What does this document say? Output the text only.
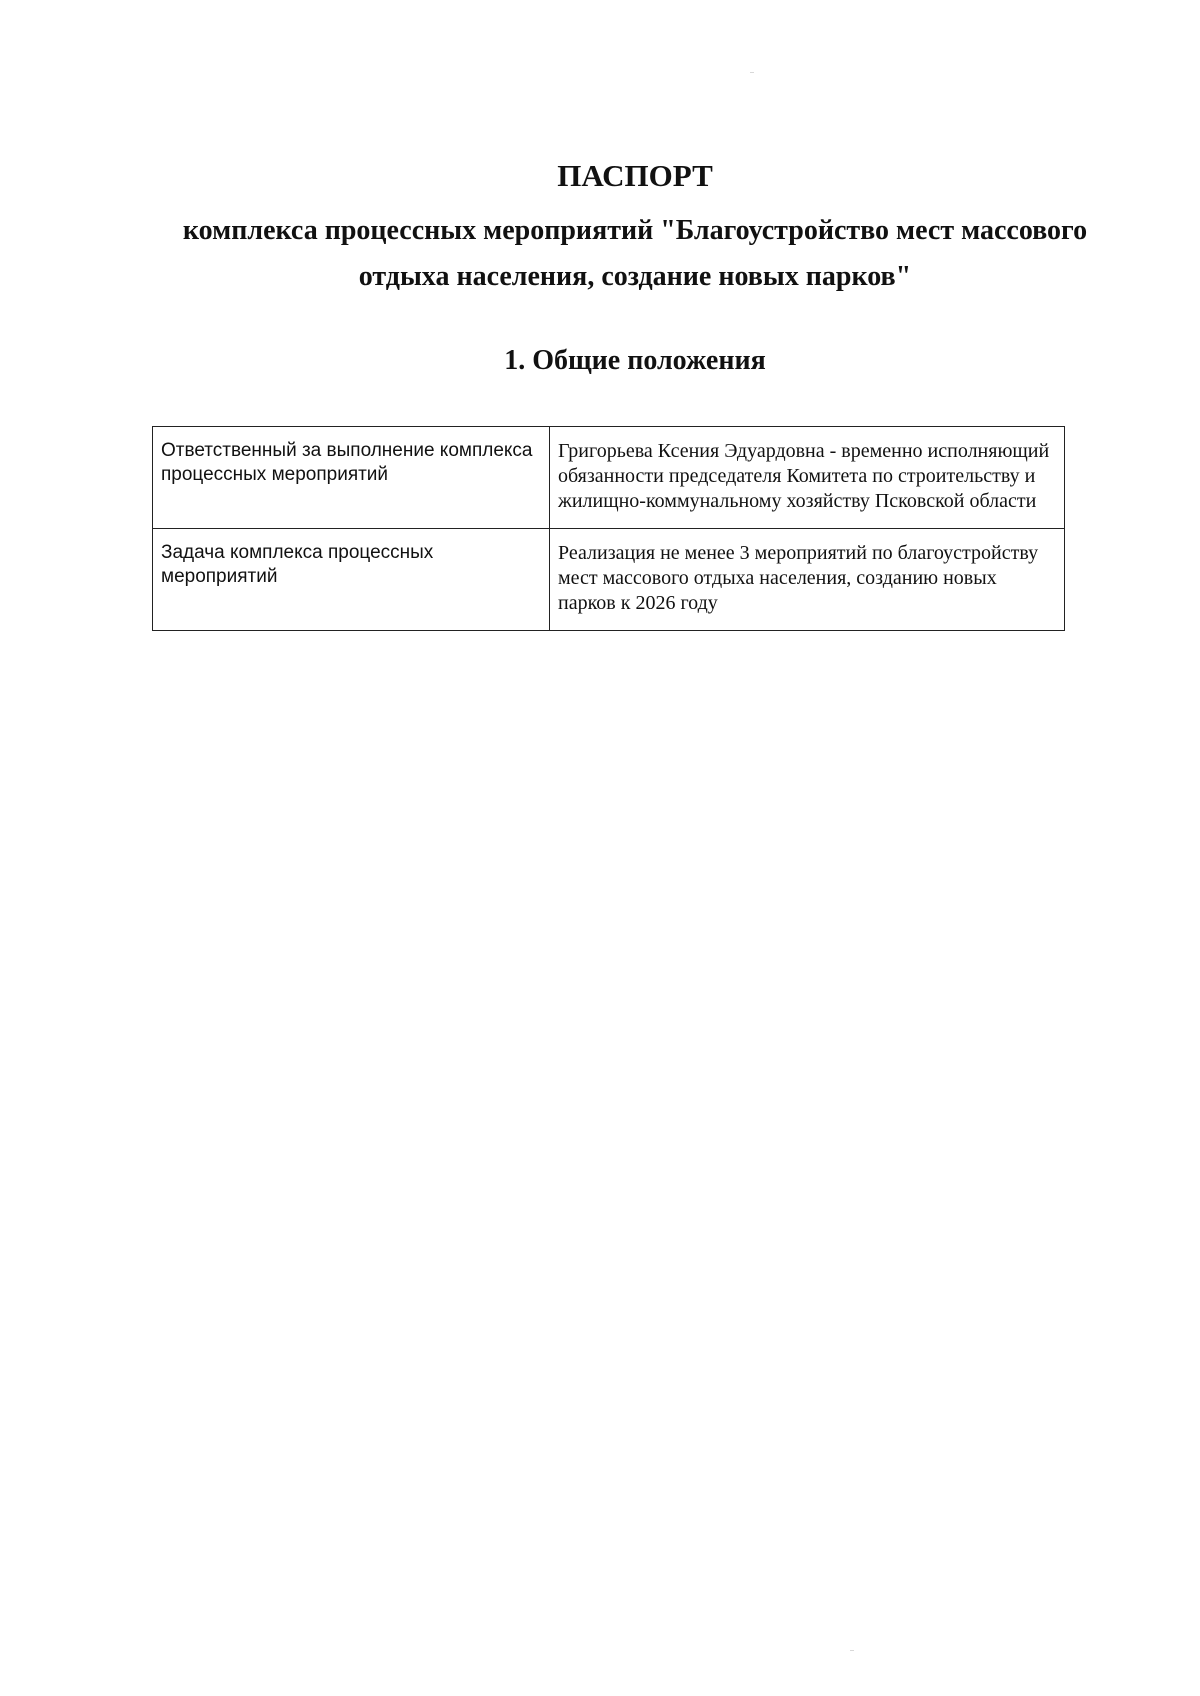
ПАСПОРТ

комплекса процессных мероприятий "Благоустройство мест массового отдыха населения, создание новых парков"

1. Общие положения
Ответственный за выполнение комплекса процессных мероприятий	Григорьева Ксения Эдуардовна - временно исполняющий обязанности председателя Комитета по строительству и жилищно-коммунальному хозяйству Псковской области
Задача комплекса процессных мероприятий	Реализация не менее 3 мероприятий по благоустройству мест массового отдыха населения, созданию новых парков к 2026 году
